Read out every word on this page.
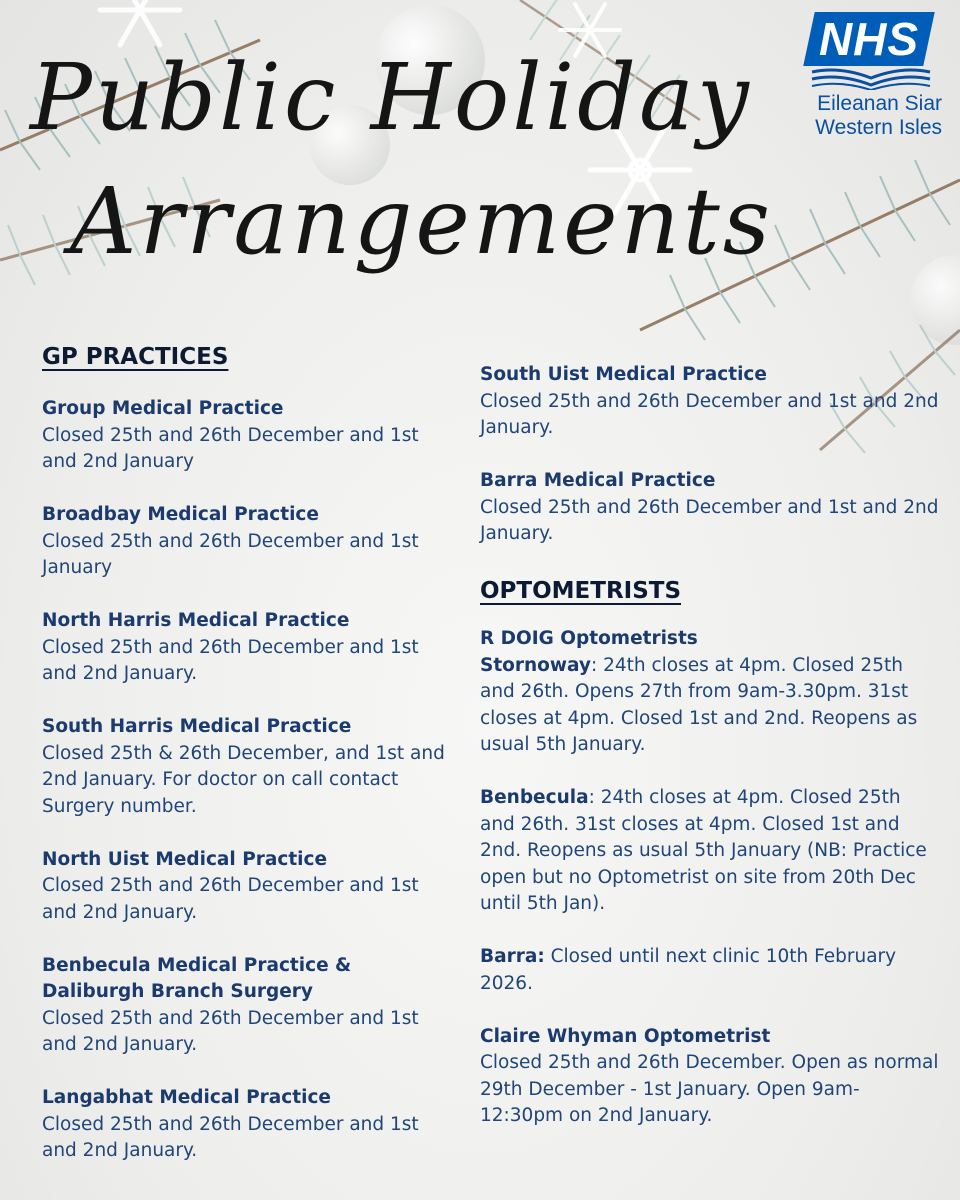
Public Holiday
Arrangements
NHS
Eileanan Siar
Western Isles
GP PRACTICES
Group Medical Practice
Closed 25th and 26th December and 1st and 2nd January
Broadbay Medical Practice
Closed 25th and 26th December and 1st January
North Harris Medical Practice
Closed 25th and 26th December and 1st and 2nd January.
South Harris Medical Practice
Closed 25th & 26th December, and 1st and 2nd January. For doctor on call contact Surgery number.
North Uist Medical Practice
Closed 25th and 26th December and 1st and 2nd January.
Benbecula Medical Practice & Daliburgh Branch Surgery
Closed 25th and 26th December and 1st and 2nd January.
Langabhat Medical Practice
Closed 25th and 26th December and 1st and 2nd January.
South Uist Medical Practice
Closed 25th and 26th December and 1st and 2nd January.
Barra Medical Practice
Closed 25th and 26th December and 1st and 2nd January.
OPTOMETRISTS
R DOIG Optometrists
Stornoway: 24th closes at 4pm. Closed 25th and 26th. Opens 27th from 9am-3.30pm. 31st closes at 4pm. Closed 1st and 2nd. Reopens as usual 5th January.
Benbecula: 24th closes at 4pm. Closed 25th and 26th. 31st closes at 4pm. Closed 1st and 2nd. Reopens as usual 5th January (NB: Practice open but no Optometrist on site from 20th Dec until 5th Jan).
Barra: Closed until next clinic 10th February 2026.
Claire Whyman Optometrist
Closed 25th and 26th December. Open as normal 29th December - 1st January. Open 9am-12:30pm on 2nd January.
